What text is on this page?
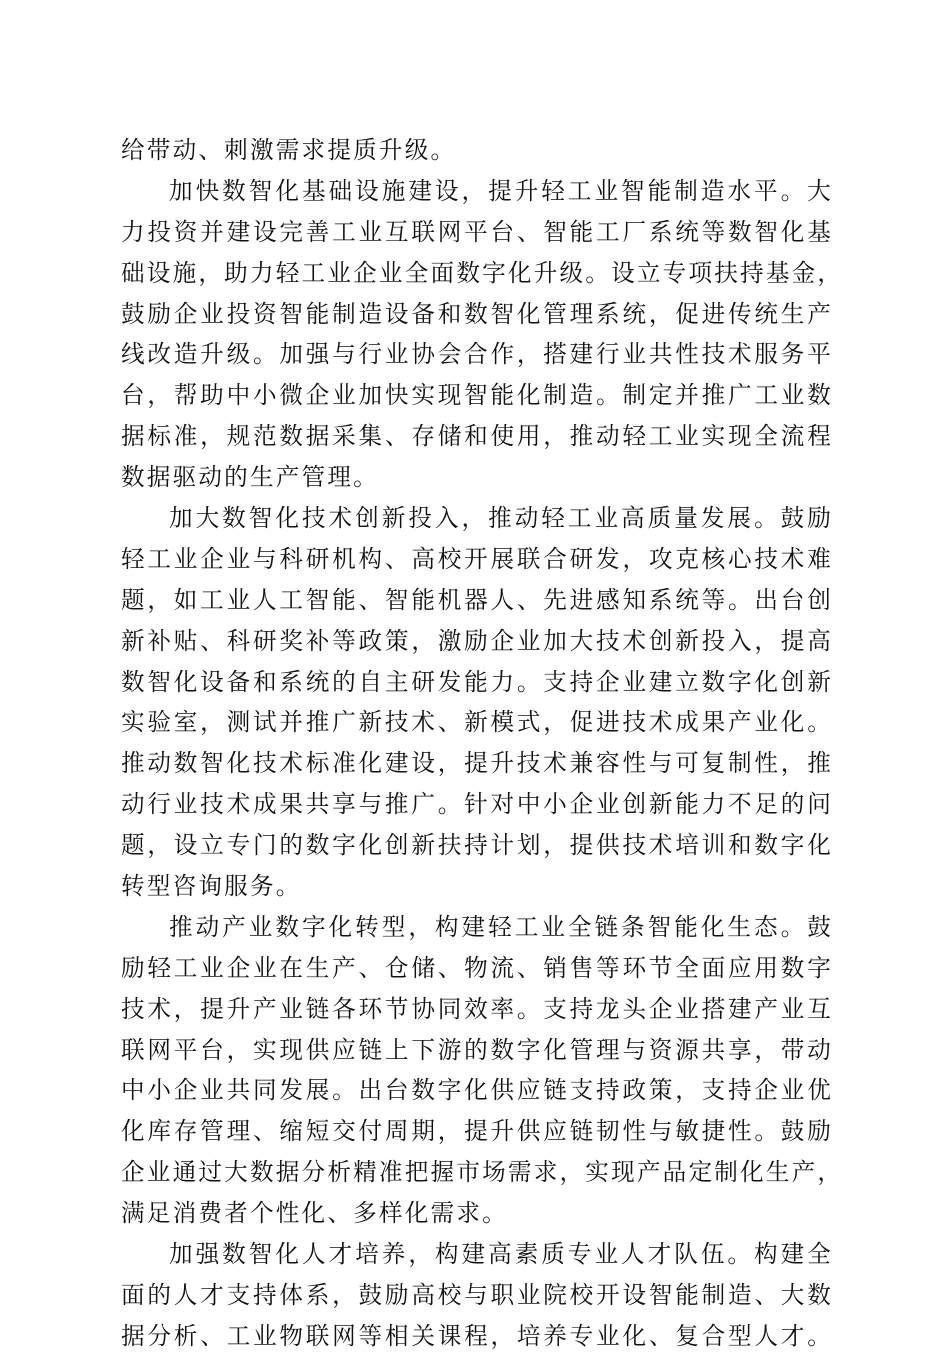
给带动、刺激需求提质升级。
加快数智化基础设施建设，提升轻工业智能制造水平。大
力投资并建设完善工业互联网平台、智能工厂系统等数智化基
础设施，助力轻工业企业全面数字化升级。设立专项扶持基金，
鼓励企业投资智能制造设备和数智化管理系统，促进传统生产
线改造升级。加强与行业协会合作，搭建行业共性技术服务平
台，帮助中小微企业加快实现智能化制造。制定并推广工业数
据标准，规范数据采集、存储和使用，推动轻工业实现全流程
数据驱动的生产管理。
加大数智化技术创新投入，推动轻工业高质量发展。鼓励
轻工业企业与科研机构、高校开展联合研发，攻克核心技术难
题，如工业人工智能、智能机器人、先进感知系统等。出台创
新补贴、科研奖补等政策，激励企业加大技术创新投入，提高
数智化设备和系统的自主研发能力。支持企业建立数字化创新
实验室，测试并推广新技术、新模式，促进技术成果产业化。
推动数智化技术标准化建设，提升技术兼容性与可复制性，推
动行业技术成果共享与推广。针对中小企业创新能力不足的问
题，设立专门的数字化创新扶持计划，提供技术培训和数字化
转型咨询服务。
推动产业数字化转型，构建轻工业全链条智能化生态。鼓
励轻工业企业在生产、仓储、物流、销售等环节全面应用数字
技术，提升产业链各环节协同效率。支持龙头企业搭建产业互
联网平台，实现供应链上下游的数字化管理与资源共享，带动
中小企业共同发展。出台数字化供应链支持政策，支持企业优
化库存管理、缩短交付周期，提升供应链韧性与敏捷性。鼓励
企业通过大数据分析精准把握市场需求，实现产品定制化生产，
满足消费者个性化、多样化需求。
加强数智化人才培养，构建高素质专业人才队伍。构建全
面的人才支持体系，鼓励高校与职业院校开设智能制造、大数
据分析、工业物联网等相关课程，培养专业化、复合型人才。
